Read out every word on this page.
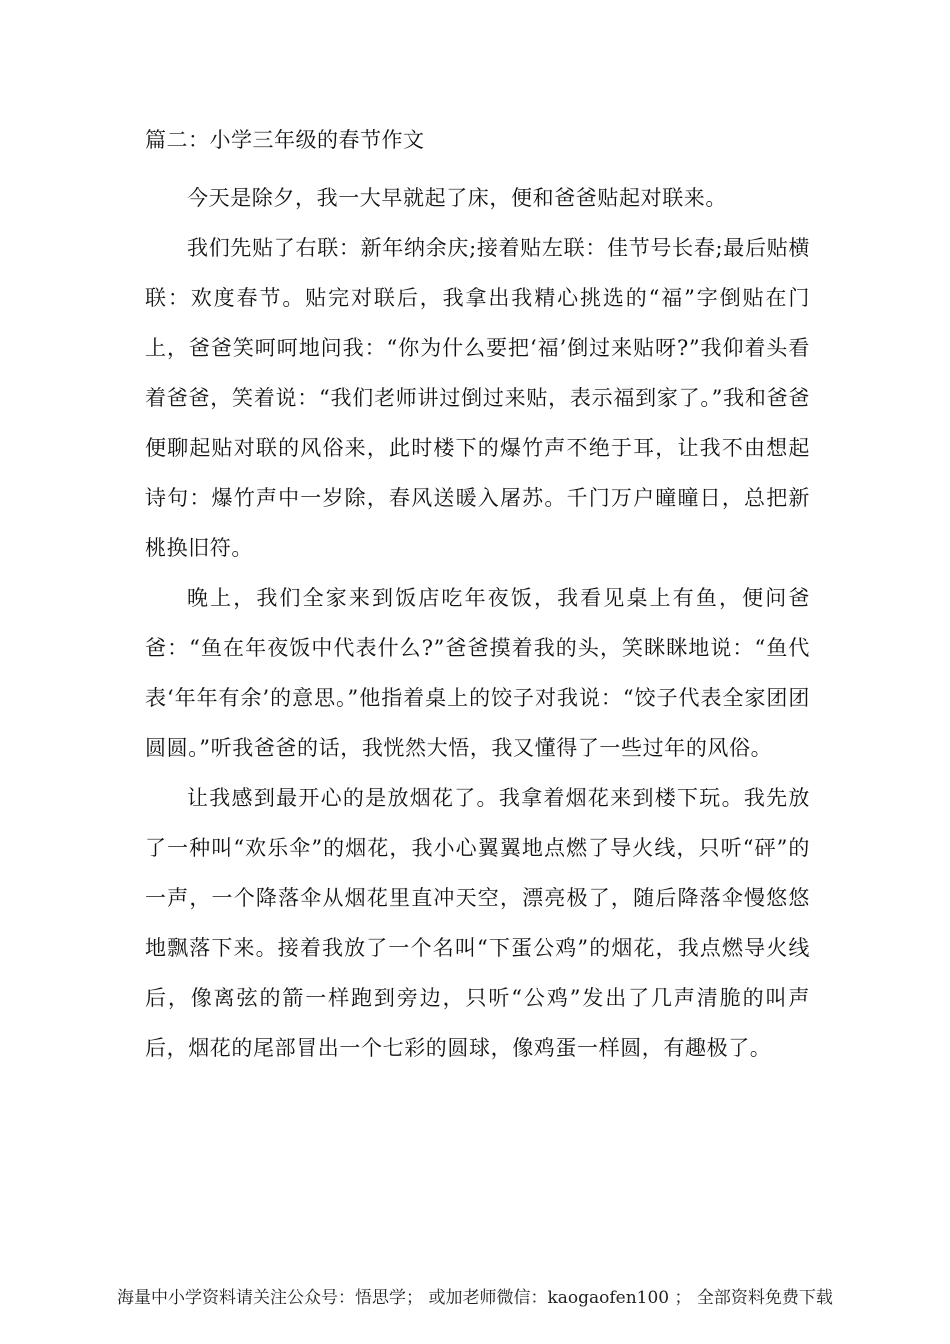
篇二：小学三年级的春节作文

今天是除夕，我一大早就起了床，便和爸爸贴起对联来。

我们先贴了右联：新年纳余庆;接着贴左联：佳节号长春;最后贴横联：欢度春节。贴完对联后，我拿出我精心挑选的“福”字倒贴在门上，爸爸笑呵呵地问我：“你为什么要把‘福’倒过来贴呀?”我仰着头看着爸爸，笑着说：“我们老师讲过倒过来贴，表示福到家了。”我和爸爸便聊起贴对联的风俗来，此时楼下的爆竹声不绝于耳，让我不由想起诗句：爆竹声中一岁除，春风送暖入屠苏。千门万户曈曈日，总把新桃换旧符。

晚上，我们全家来到饭店吃年夜饭，我看见桌上有鱼，便问爸爸：“鱼在年夜饭中代表什么?”爸爸摸着我的头，笑眯眯地说：“鱼代表‘年年有余’的意思。”他指着桌上的饺子对我说：“饺子代表全家团团圆圆。”听我爸爸的话，我恍然大悟，我又懂得了一些过年的风俗。

让我感到最开心的是放烟花了。我拿着烟花来到楼下玩。我先放了一种叫“欢乐伞”的烟花，我小心翼翼地点燃了导火线，只听“砰”的一声，一个降落伞从烟花里直冲天空，漂亮极了，随后降落伞慢悠悠地飘落下来。接着我放了一个名叫“下蛋公鸡”的烟花，我点燃导火线后，像离弦的箭一样跑到旁边，只听“公鸡”发出了几声清脆的叫声后，烟花的尾部冒出一个七彩的圆球，像鸡蛋一样圆，有趣极了。

海量中小学资料请关注公众号：悟思学； 或加老师微信：kaogaofen100 ； 全部资料免费下载
